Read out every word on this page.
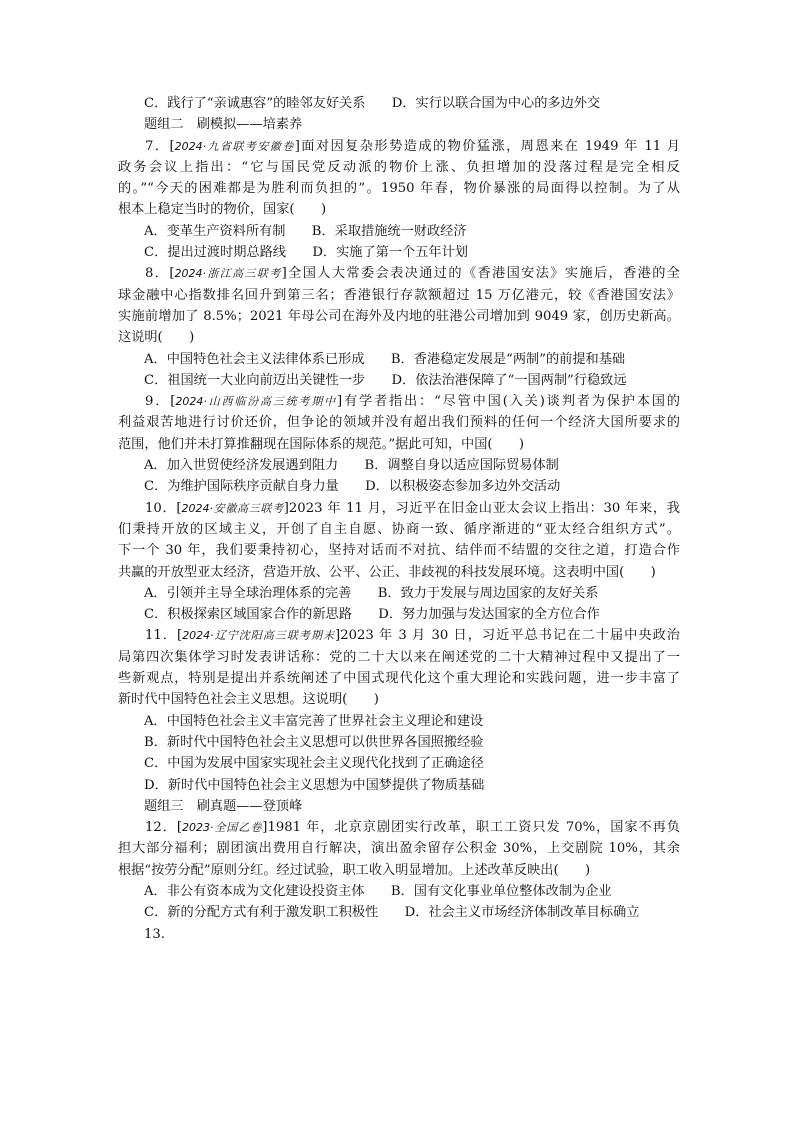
C．践行了“亲诚惠容”的睦邻友好关系　　D．实行以联合国为中心的多边外交
题组二　刷模拟——培素养
7．[2024·九省联考安徽卷]面对因复杂形势造成的物价猛涨，周恩来在 1949 年 11 月
政务会议上指出：“它与国民党反动派的物价上涨、负担增加的没落过程是完全相反
的。”“今天的困难都是为胜利而负担的”。1950 年春，物价暴涨的局面得以控制。为了从
根本上稳定当时的物价，国家(　　)
A．变革生产资料所有制　　B．采取措施统一财政经济
C．提出过渡时期总路线　　D．实施了第一个五年计划
8．[2024·浙江高三联考]全国人大常委会表决通过的《香港国安法》实施后，香港的全
球金融中心指数排名回升到第三名；香港银行存款额超过 15 万亿港元，较《香港国安法》
实施前增加了 8.5%；2021 年母公司在海外及内地的驻港公司增加到 9049 家，创历史新高。
这说明(　　)
A．中国特色社会主义法律体系已形成　　B．香港稳定发展是“两制”的前提和基础
C．祖国统一大业向前迈出关键性一步　　D．依法治港保障了“一国两制”行稳致远
9．[2024·山西临汾高三统考期中]有学者指出：“尽管中国(入关)谈判者为保护本国的
利益艰苦地进行讨价还价，但争论的领域并没有超出我们预料的任何一个经济大国所要求的
范围，他们并未打算推翻现在国际体系的规范。”据此可知，中国(　　)
A．加入世贸使经济发展遇到阻力　　B．调整自身以适应国际贸易体制
C．为维护国际秩序贡献自身力量　　D．以积极姿态参加多边外交活动
10．[2024·安徽高三联考]2023 年 11 月，习近平在旧金山亚太会议上指出：30 年来，我
们秉持开放的区域主义，开创了自主自愿、协商一致、循序渐进的“亚太经合组织方式”。
下一个 30 年，我们要秉持初心，坚持对话而不对抗、结伴而不结盟的交往之道，打造合作
共赢的开放型亚太经济，营造开放、公平、公正、非歧视的科技发展环境。这表明中国(　　)
A．引领并主导全球治理体系的完善　　B．致力于发展与周边国家的友好关系
C．积极探索区域国家合作的新思路　　D．努力加强与发达国家的全方位合作
11．[2024·辽宁沈阳高三联考期末]2023 年 3 月 30 日，习近平总书记在二十届中央政治
局第四次集体学习时发表讲话称：党的二十大以来在阐述党的二十大精神过程中又提出了一
些新观点，特别是提出并系统阐述了中国式现代化这个重大理论和实践问题，进一步丰富了
新时代中国特色社会主义思想。这说明(　　)
A．中国特色社会主义丰富完善了世界社会主义理论和建设
B．新时代中国特色社会主义思想可以供世界各国照搬经验
C．中国为发展中国家实现社会主义现代化找到了正确途径
D．新时代中国特色社会主义思想为中国梦提供了物质基础
题组三　刷真题——登顶峰
12．[2023·全国乙卷]1981 年，北京京剧团实行改革，职工工资只发 70%，国家不再负
担大部分福利；剧团演出费用自行解决，演出盈余留存公积金 30%，上交剧院 10%，其余
根据“按劳分配”原则分红。经过试验，职工收入明显增加。上述改革反映出(　　)
A．非公有资本成为文化建设投资主体　　B．国有文化事业单位整体改制为企业
C．新的分配方式有利于激发职工积极性　　D．社会主义市场经济体制改革目标确立
13.
